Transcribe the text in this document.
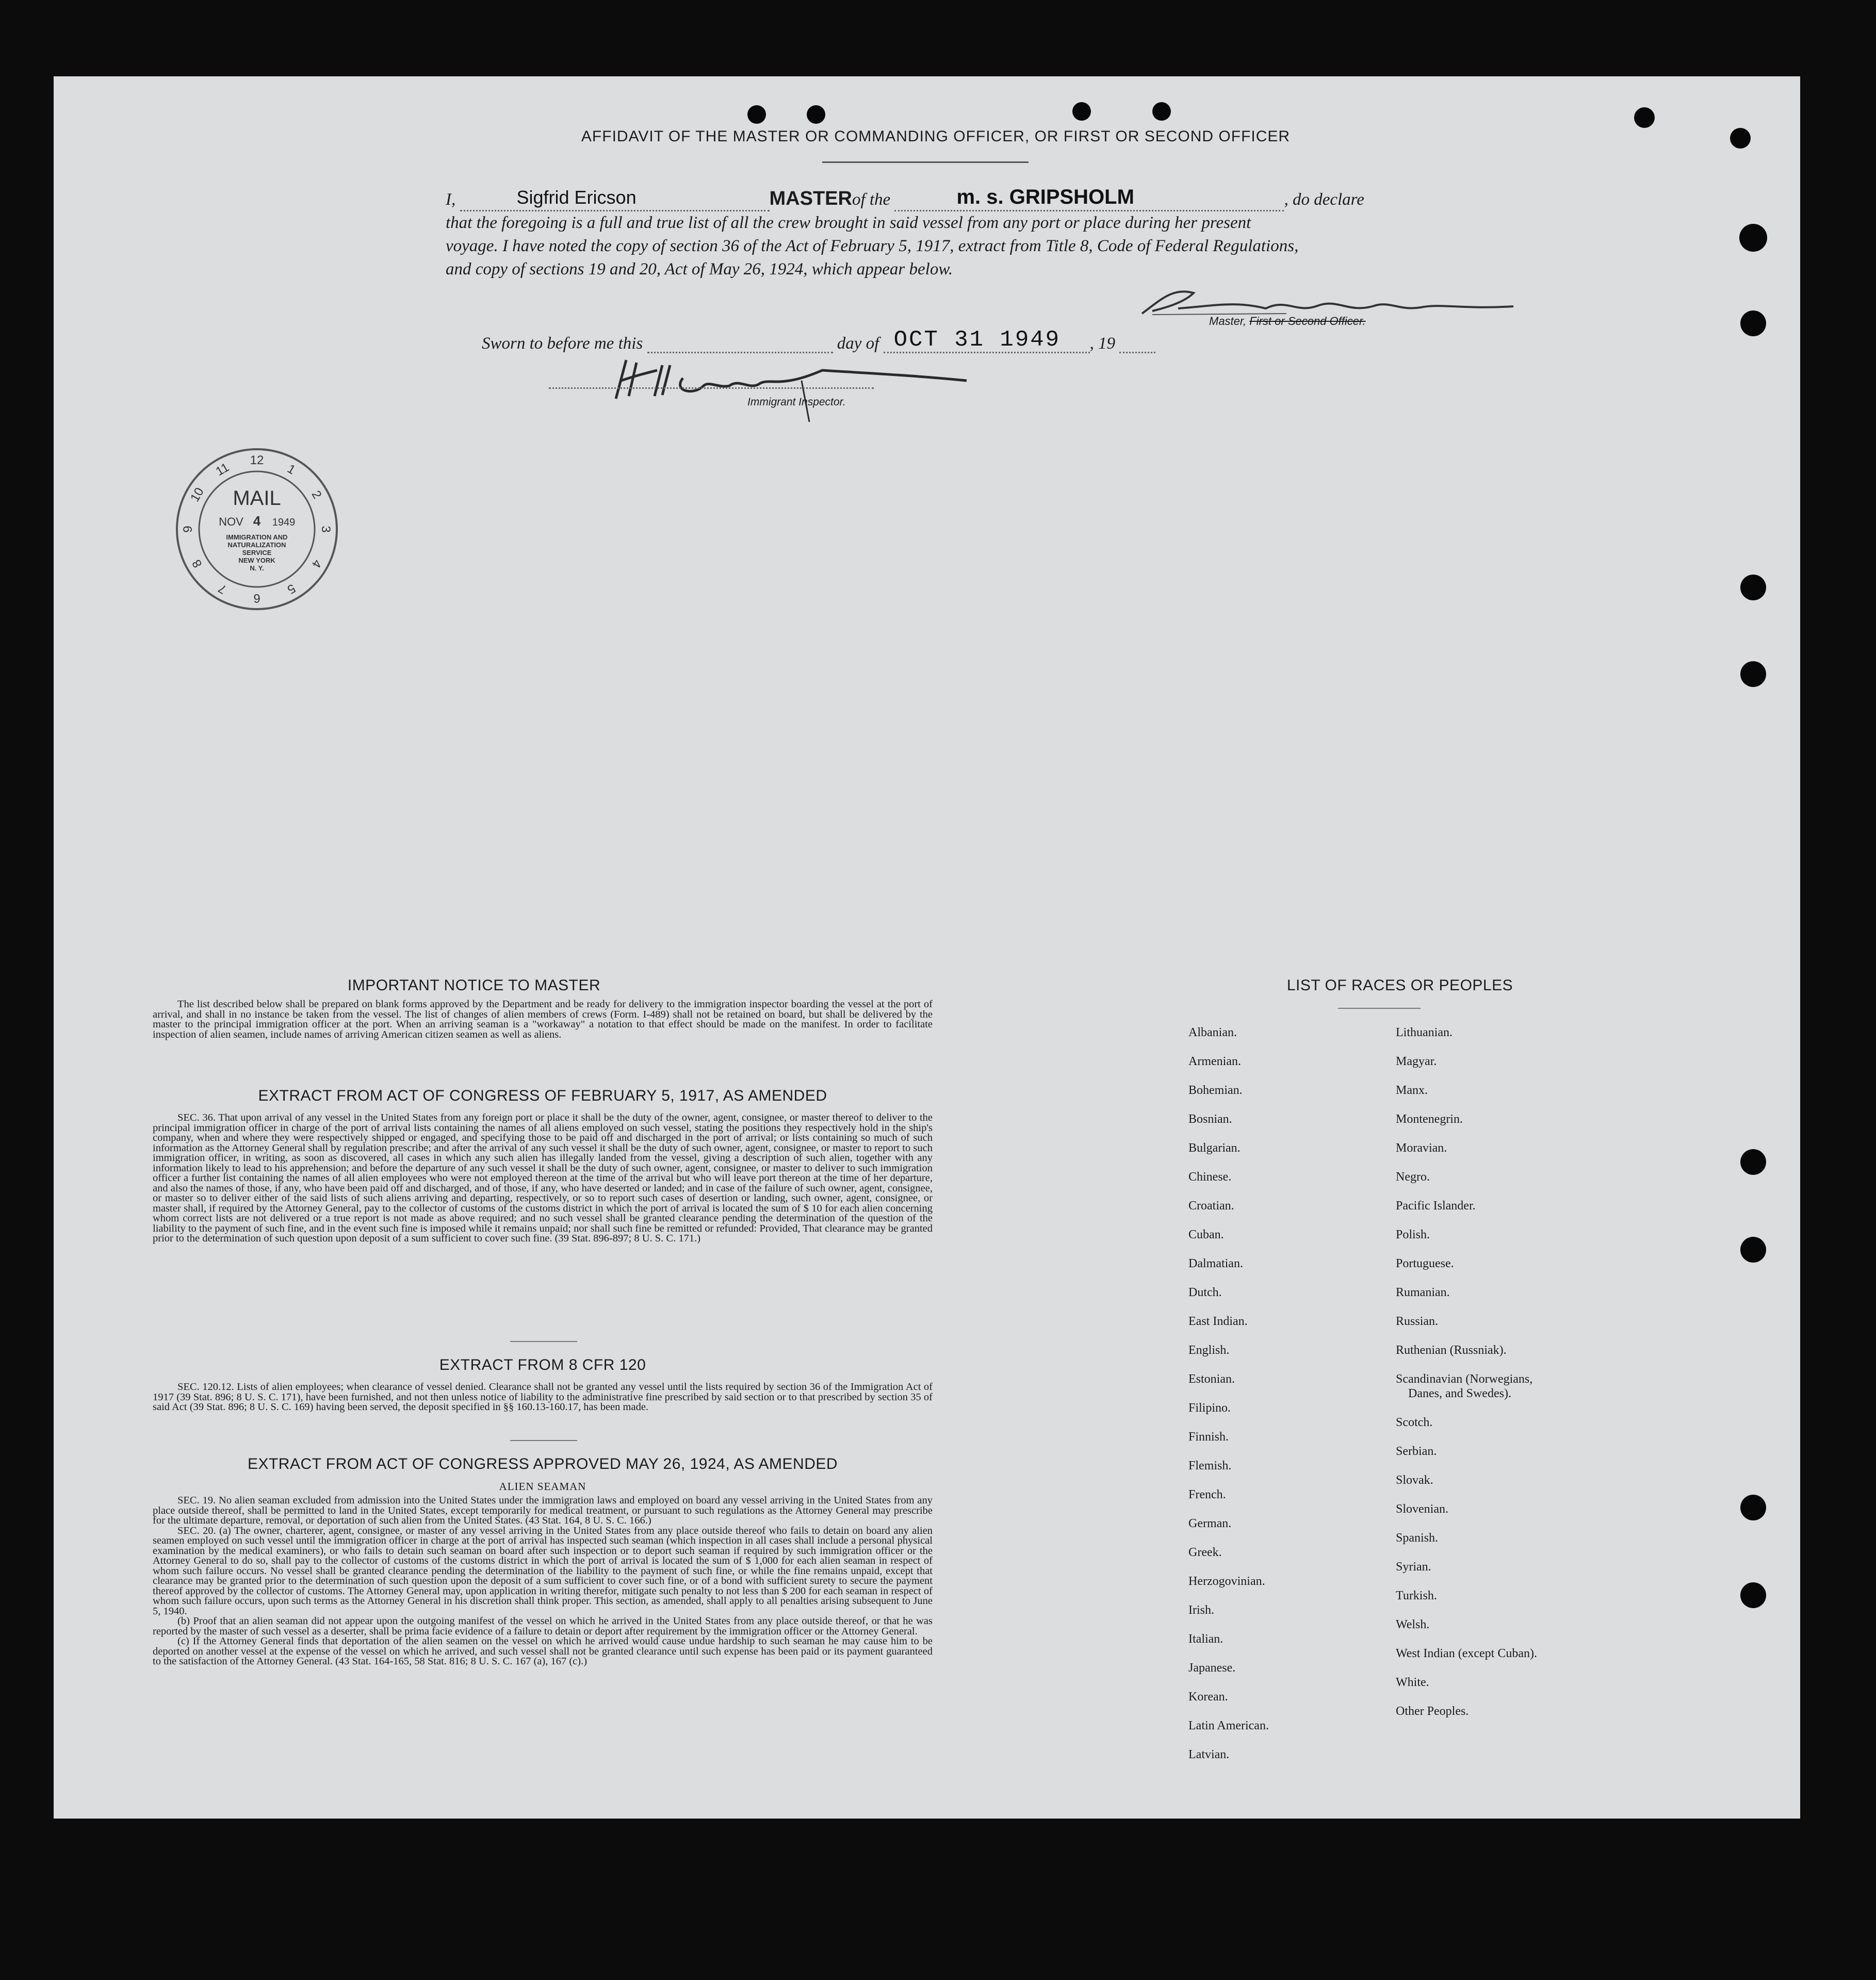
AFFIDAVIT OF THE MASTER OR COMMANDING OFFICER, OR FIRST OR SECOND OFFICER
I,	Sigfrid Ericson	MASTERof the	m. s. GRIPSHOLM	, do declare
that the foregoing is a full and true list of all the crew brought in said vessel from any port or place during her present
voyage. I have noted the copy of section 36 of the Act of February 5, 1917, extract from Title 8, Code of Federal Regulations,
and copy of sections 19 and 20, Act of May 26, 1924, which appear below.
Master, First or Second Officer.
Sworn to before me this	day of OCT 31 1949 , 19
Immigrant Inspector.
12
1
2
3
4
5
6
7
8
9
10
11
MAIL
NOV 4 1949
IMMIGRATION AND
NATURALIZATION
SERVICE
NEW YORK
N. Y.
IMPORTANT NOTICE TO MASTER

The list described below shall be prepared on blank forms approved by the Department and be ready for delivery to the immigration inspector boarding the vessel at the port of arrival, and shall in no instance be taken from the vessel. The list of changes of alien members of crews (Form. I-489) shall not be retained on board, but shall be delivered by the master to the principal immigration officer at the port. When an arriving seaman is a "workaway" a notation to that effect should be made on the manifest. In order to facilitate inspection of alien seamen, include names of arriving American citizen seamen as well as aliens.

EXTRACT FROM ACT OF CONGRESS OF FEBRUARY 5, 1917, AS AMENDED

SEC. 36. That upon arrival of any vessel in the United States from any foreign port or place it shall be the duty of the owner, agent, consignee, or master thereof to deliver to the principal immigration officer in charge of the port of arrival lists containing the names of all aliens employed on such vessel, stating the positions they respectively hold in the ship's company, when and where they were respectively shipped or engaged, and specifying those to be paid off and discharged in the port of arrival; or lists containing so much of such information as the Attorney General shall by regulation prescribe; and after the arrival of any such vessel it shall be the duty of such owner, agent, consignee, or master to report to such immigration officer, in writing, as soon as discovered, all cases in which any such alien has illegally landed from the vessel, giving a description of such alien, together with any information likely to lead to his apprehension; and before the departure of any such vessel it shall be the duty of such owner, agent, consignee, or master to deliver to such immigration officer a further list containing the names of all alien employees who were not employed thereon at the time of the arrival but who will leave port thereon at the time of her departure, and also the names of those, if any, who have been paid off and discharged, and of those, if any, who have deserted or landed; and in case of the failure of such owner, agent, consignee, or master so to deliver either of the said lists of such aliens arriving and departing, respectively, or so to report such cases of desertion or landing, such owner, agent, consignee, or master shall, if required by the Attorney General, pay to the collector of customs of the customs district in which the port of arrival is located the sum of $ 10 for each alien concerning whom correct lists are not delivered or a true report is not made as above required; and no such vessel shall be granted clearance pending the determination of the question of the liability to the payment of such fine, and in the event such fine is imposed while it remains unpaid; nor shall such fine be remitted or refunded: Provided, That clearance may be granted prior to the determination of such question upon deposit of a sum sufficient to cover such fine. (39 Stat. 896-897; 8 U. S. C. 171.)

EXTRACT FROM 8 CFR 120

SEC. 120.12. Lists of alien employees; when clearance of vessel denied. Clearance shall not be granted any vessel until the lists required by section 36 of the Immigration Act of 1917 (39 Stat. 896; 8 U. S. C. 171), have been furnished, and not then unless notice of liability to the administrative fine prescribed by said section or to that prescribed by section 35 of said Act (39 Stat. 896; 8 U. S. C. 169) having been served, the deposit specified in §§ 160.13-160.17, has been made.

EXTRACT FROM ACT OF CONGRESS APPROVED MAY 26, 1924, AS AMENDED
ALIEN SEAMAN

SEC. 19. No alien seaman excluded from admission into the United States under the immigration laws and employed on board any vessel arriving in the United States from any place outside thereof, shall be permitted to land in the United States, except temporarily for medical treatment, or pursuant to such regulations as the Attorney General may prescribe for the ultimate departure, removal, or deportation of such alien from the United States. (43 Stat. 164, 8 U. S. C. 166.)

SEC. 20. (a) The owner, charterer, agent, consignee, or master of any vessel arriving in the United States from any place outside thereof who fails to detain on board any alien seamen employed on such vessel until the immigration officer in charge at the port of arrival has inspected such seaman (which inspection in all cases shall include a personal physical examination by the medical examiners), or who fails to detain such seaman on board after such inspection or to deport such seaman if required by such immigration officer or the Attorney General to do so, shall pay to the collector of customs of the customs district in which the port of arrival is located the sum of $ 1,000 for each alien seaman in respect of whom such failure occurs. No vessel shall be granted clearance pending the determination of the liability to the payment of such fine, or while the fine remains unpaid, except that clearance may be granted prior to the determination of such question upon the deposit of a sum sufficient to cover such fine, or of a bond with sufficient surety to secure the payment thereof approved by the collector of customs. The Attorney General may, upon application in writing therefor, mitigate such penalty to not less than $ 200 for each seaman in respect of whom such failure occurs, upon such terms as the Attorney General in his discretion shall think proper. This section, as amended, shall apply to all penalties arising subsequent to June 5, 1940.

(b) Proof that an alien seaman did not appear upon the outgoing manifest of the vessel on which he arrived in the United States from any place outside thereof, or that he was reported by the master of such vessel as a deserter, shall be prima facie evidence of a failure to detain or deport after requirement by the immigration officer or the Attorney General.

(c) If the Attorney General finds that deportation of the alien seamen on the vessel on which he arrived would cause undue hardship to such seaman he may cause him to be deported on another vessel at the expense of the vessel on which he arrived, and such vessel shall not be granted clearance until such expense has been paid or its payment guaranteed to the satisfaction of the Attorney General. (43 Stat. 164-165, 58 Stat. 816; 8 U. S. C. 167 (a), 167 (c).)

LIST OF RACES OR PEOPLES
Albanian.
Armenian.
Bohemian.
Bosnian.
Bulgarian.
Chinese.
Croatian.
Cuban.
Dalmatian.
Dutch.
East Indian.
English.
Estonian.
Filipino.
Finnish.
Flemish.
French.
German.
Greek.
Herzogovinian.
Irish.
Italian.
Japanese.
Korean.
Latin American.
Latvian.
Lithuanian.
Magyar.
Manx.
Montenegrin.
Moravian.
Negro.
Pacific Islander.
Polish.
Portuguese.
Rumanian.
Russian.
Ruthenian (Russniak).
Scandinavian (Norwegians,
Danes, and Swedes).
Scotch.
Serbian.
Slovak.
Slovenian.
Spanish.
Syrian.
Turkish.
Welsh.
West Indian (except Cuban).
White.
Other Peoples.
